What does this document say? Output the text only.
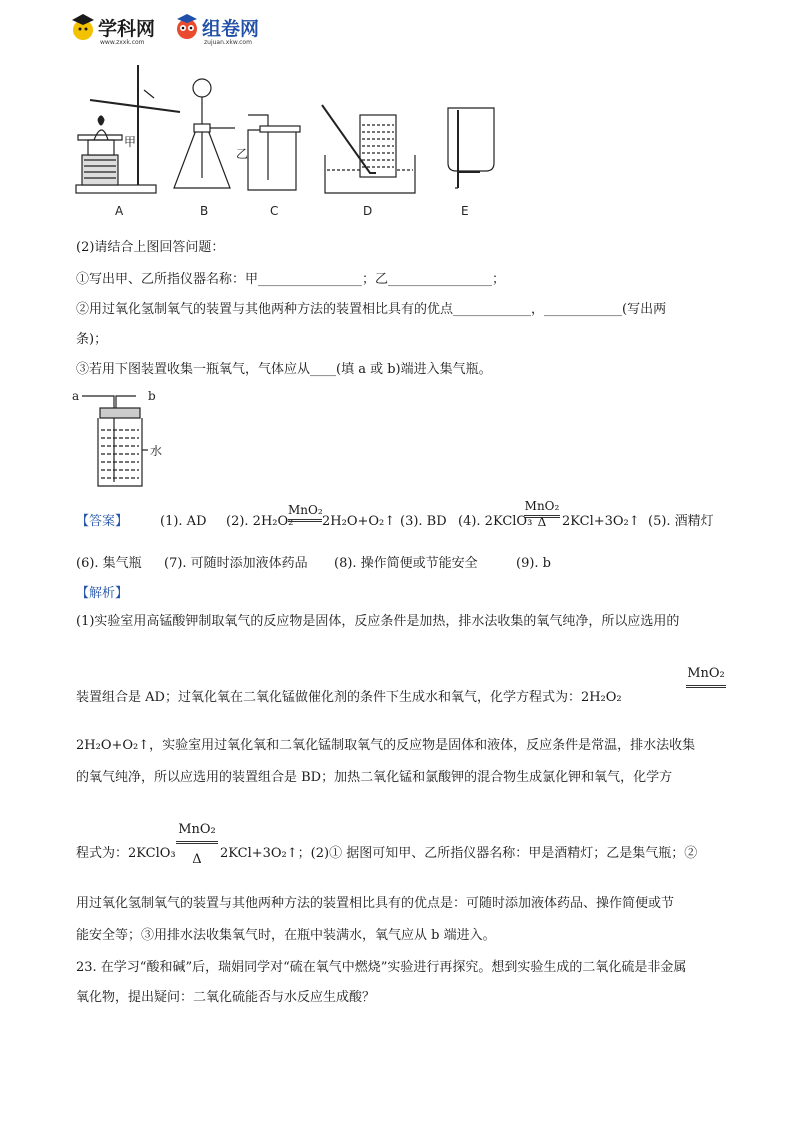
学科网
www.zxxk.com
组卷网
zujuan.xkw.com
甲
乙
A	B	C	D	E
(2)请结合上图回答问题：
①写出甲、乙所指仪器名称：甲________________；乙________________；
②用过氧化氢制氧气的装置与其他两种方法的装置相比具有的优点____________，____________(写出两
条)；
③若用下图装置收集一瓶氧气，气体应从____(填 a 或 b)端进入集气瓶。
a	b
水
【答案】 (1). AD (2). 2H₂O₂
MnO₂
2H₂O+O₂↑ (3). BD (4). 2KClO₃
MnO₂
Δ	2KCl+3O₂↑ (5). 酒精灯
(6). 集气瓶 (7). 可随时添加液体药品 (8). 操作简便或节能安全	(9). b
【解析】
(1)实验室用高锰酸钾制取氧气的反应物是固体，反应条件是加热，排水法收集的氧气纯净，所以应选用的
装置组合是 AD；过氧化氧在二氧化锰做催化剂的条件下生成水和氧气，化学方程式为：2H₂O₂
MnO₂
2H₂O+O₂↑，实验室用过氧化氧和二氧化锰制取氧气的反应物是固体和液体，反应条件是常温，排水法收集
的氧气纯净，所以应选用的装置组合是 BD；加热二氧化锰和氯酸钾的混合物生成氯化钾和氧气，化学方
程式为：2KClO₃
MnO₂
Δ	2KCl+3O₂↑；(2)① 据图可知甲、乙所指仪器名称：甲是酒精灯；乙是集气瓶；②
用过氧化氢制氧气的装置与其他两种方法的装置相比具有的优点是：可随时添加液体药品、操作简便或节
能安全等；③用排水法收集氧气时，在瓶中装满水，氧气应从 b 端进入。
23. 在学习“酸和碱”后，瑞娟同学对“硫在氧气中燃烧”实验进行再探究。想到实验生成的二氧化硫是非金属
氧化物，提出疑问：二氧化硫能否与水反应生成酸？
